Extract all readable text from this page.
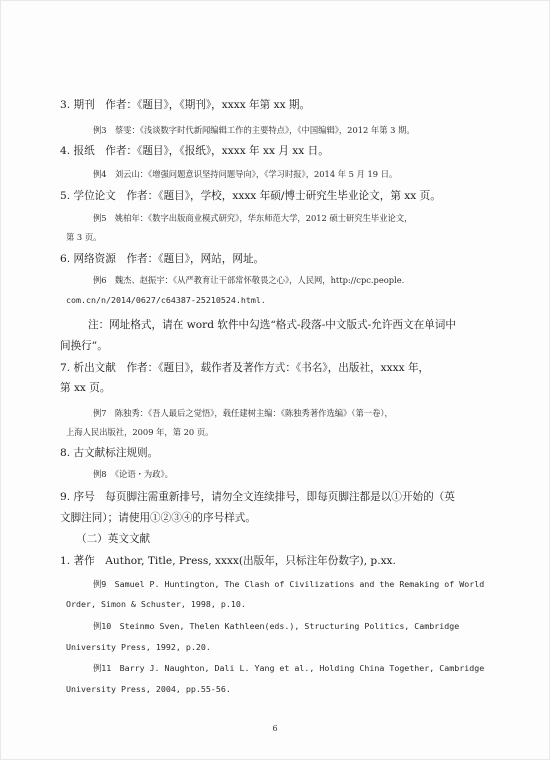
3. 期刊　作者：《题目》，《期刊》，xxxx 年第 xx 期。
例3　蔡雯：《浅谈数字时代新闻编辑工作的主要特点》，《中国编辑》，2012 年第 3 期。
4. 报纸　作者：《题目》，《报纸》，xxxx 年 xx 月 xx 日。
例4　刘云山：《增强问题意识坚持问题导向》，《学习时报》，2014 年 5 月 19 日。
5. 学位论文　作者：《题目》，学校，xxxx 年硕/博士研究生毕业论文，第 xx 页。
例5　姚柏年：《数字出版商业模式研究》，华东师范大学，2012 硕士研究生毕业论文，
第 3 页。
6. 网络资源　作者：《题目》，网站，网址。
例6　魏杰、赵振宇：《从严教育让干部常怀敬畏之心》，人民网，http://cpc.people.
com.cn/n/2014/0627/c64387-25210524.html.
注：网址格式，请在 word 软件中勾选“格式-段落-中文版式-允许西文在单词中
间换行”。
7. 析出文献　作者：《题目》，载作者及著作方式：《书名》，出版社，xxxx 年，
第 xx 页。
例7　陈独秀：《吾人最后之觉悟》，载任建树主编：《陈独秀著作选编》（第一卷），
上海人民出版社，2009 年，第 20 页。
8. 古文献标注规则。
例8　《论语・为政》。
9. 序号　每页脚注需重新排号，请勿全文连续排号，即每页脚注都是以①开始的（英
文脚注同）；请使用①②③④的序号样式。
（二）英文文献
1. 著作　Author, Title, Press, xxxx(出版年，只标注年份数字), p.xx.
例9　Samuel P. Huntington, The Clash of Civilizations and the Remaking of World
Order, Simon & Schuster, 1998, p.10.
例10　Steinmo Sven, Thelen Kathleen(eds.), Structuring Politics, Cambridge
University Press, 1992, p.20.
例11　Barry J. Naughton, Dali L. Yang et al., Holding China Together, Cambridge
University Press, 2004, pp.55-56.
6
